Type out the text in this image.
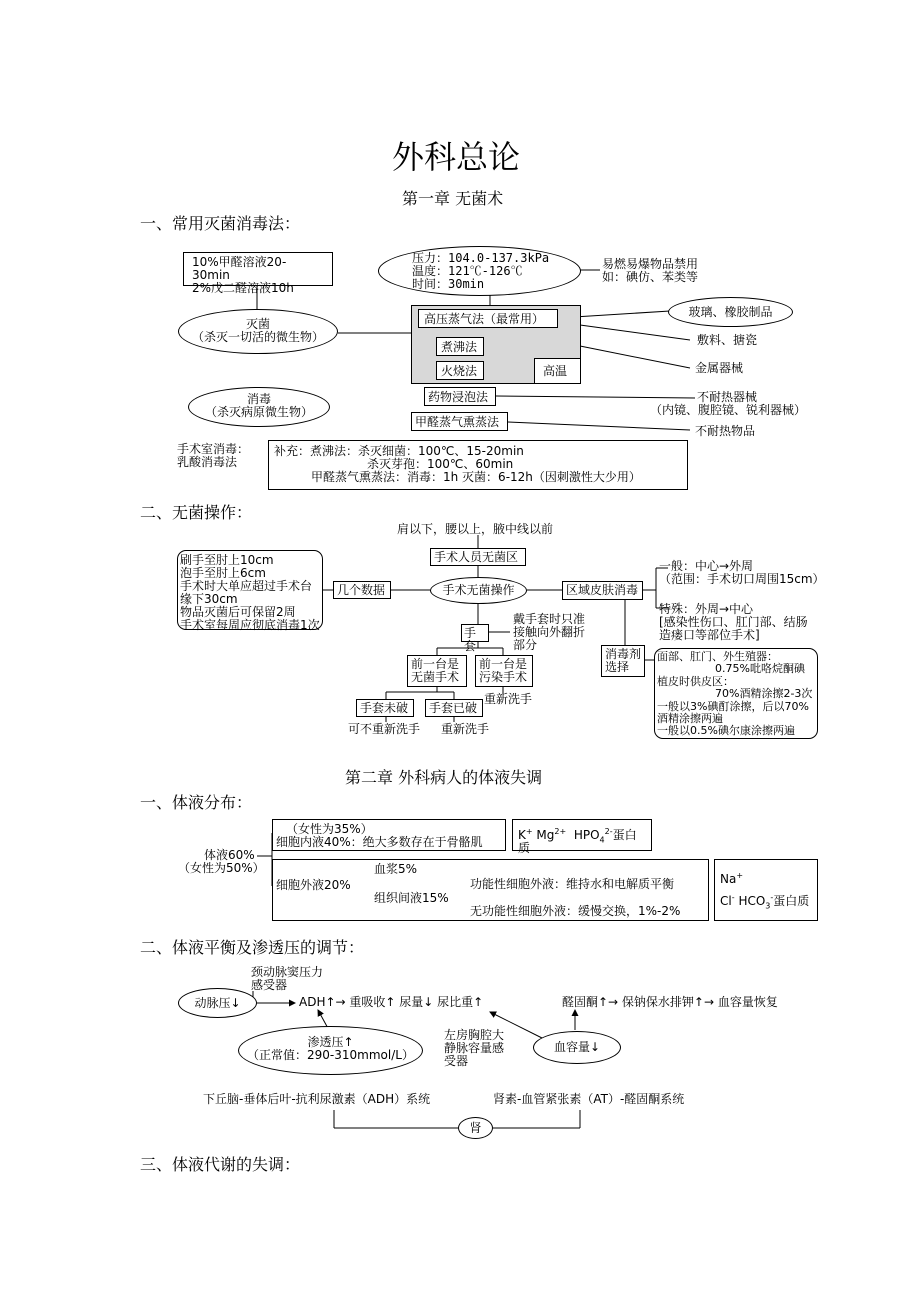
外科总论
第一章 无菌术
一、常用灭菌消毒法：
10%甲醛溶液20-30min
2%戊二醛溶液10h
灭菌
（杀灭一切活的微生物）
压力：104.0-137.3kPa
温度：121℃-126℃
时间：30min
易燃易爆物品禁用
如：碘仿、苯类等
高压蒸气法（最常用）
煮沸法
火烧法	高温
玻璃、橡胶制品
敷料、搪瓷
金属器械
药物浸泡法
甲醛蒸气熏蒸法
不耐热器械
（内镜、腹腔镜、锐利器械）
不耐热物品
消毒
（杀灭病原微生物）
手术室消毒：
乳酸消毒法
补充：煮沸法：杀灭细菌：100℃、15-20min
杀灭芽孢：100℃、60min
甲醛蒸气熏蒸法：消毒：1h 灭菌：6-12h（因刺激性大少用）
二、无菌操作：
肩以下，腰以上，腋中线以前
手术人员无菌区
刷手至肘上10cm
泡手至肘上6cm
手术时大单应超过手术台
缘下30cm
物品灭菌后可保留2周
手术室每周应彻底消毒1次
几个数据	手术无菌操作	区域皮肤消毒
一般：中心→外周
（范围：手术切口周围15cm）
特殊：外周→中心
[感染性伤口、肛门部、结肠
造瘘口等部位手术]
手套
戴手套时只准
接触向外翻折
部分
前一台是
无菌手术
前一台是
污染手术
重新洗手
手套未破	手套已破
可不重新洗手 重新洗手
消毒剂
选择
面部、肛门、外生殖器：
0.75%吡咯烷酮碘
植皮时供皮区：
70%酒精涂擦2-3次
一般以3%碘酊涂擦，后以70%
酒精涂擦两遍
一般以0.5%碘尔康涂擦两遍
第二章 外科病人的体液失调
一、体液分布：
体液60%
（女性为50%）
（女性为35%）
细胞内液40%：绝大多数存在于骨骼肌	K+ $Mg^{2+}$ $HPO_4^{2-}$蛋白质
细胞外液20%
血浆5%
组织间液15%
功能性细胞外液：维持水和电解质平衡
无功能性细胞外液：缓慢交换，1%-2%
Na+
Cl- $HCO_3^-$蛋白质
二、体液平衡及渗透压的调节：
颈动脉窦压力
感受器
动脉压↓	ADH↑→ 重吸收↑ 尿量↓ 尿比重↑	醛固酮↑→ 保钠保水排钾↑→ 血容量恢复
渗透压↑
（正常值：290-310mmol/L）
左房胸腔大
静脉容量感
受器
血容量↓
下丘脑-垂体后叶-抗利尿激素（ADH）系统	肾素-血管紧张素（AT）-醛固酮系统
肾
三、体液代谢的失调：
